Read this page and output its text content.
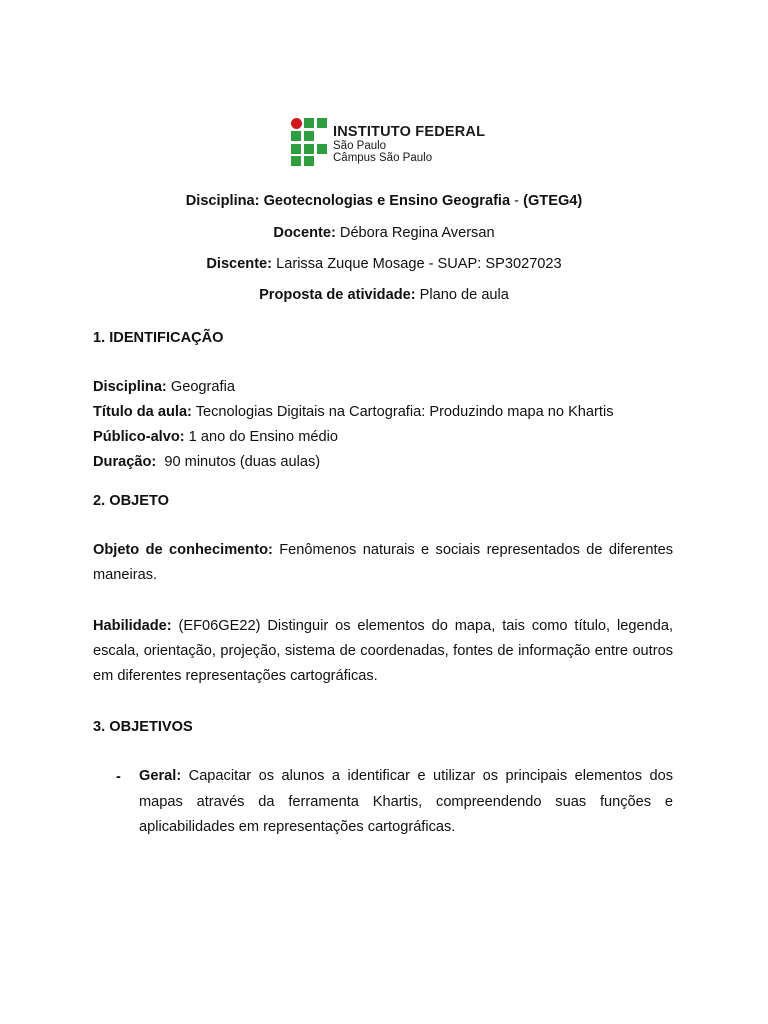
INSTITUTO FEDERAL
São Paulo
Câmpus São Paulo
Disciplina: Geotecnologias e Ensino Geografia - (GTEG4)
Docente: Débora Regina Aversan
Discente: Larissa Zuque Mosage - SUAP: SP3027023
Proposta de atividade: Plano de aula
1. IDENTIFICAÇÃO
Disciplina: Geografia
Título da aula: Tecnologias Digitais na Cartografia: Produzindo mapa no Khartis
Público-alvo: 1 ano do Ensino médio
Duração:  90 minutos (duas aulas)
2. OBJETO
Objeto de conhecimento: Fenômenos naturais e sociais representados de diferentes maneiras.
Habilidade: (EF06GE22) Distinguir os elementos do mapa, tais como título, legenda, escala, orientação, projeção, sistema de coordenadas, fontes de informação entre outros em diferentes representações cartográficas.
3. OBJETIVOS
- Geral: Capacitar os alunos a identificar e utilizar os principais elementos dos mapas através da ferramenta Khartis, compreendendo suas funções e aplicabilidades em representações cartográficas.
